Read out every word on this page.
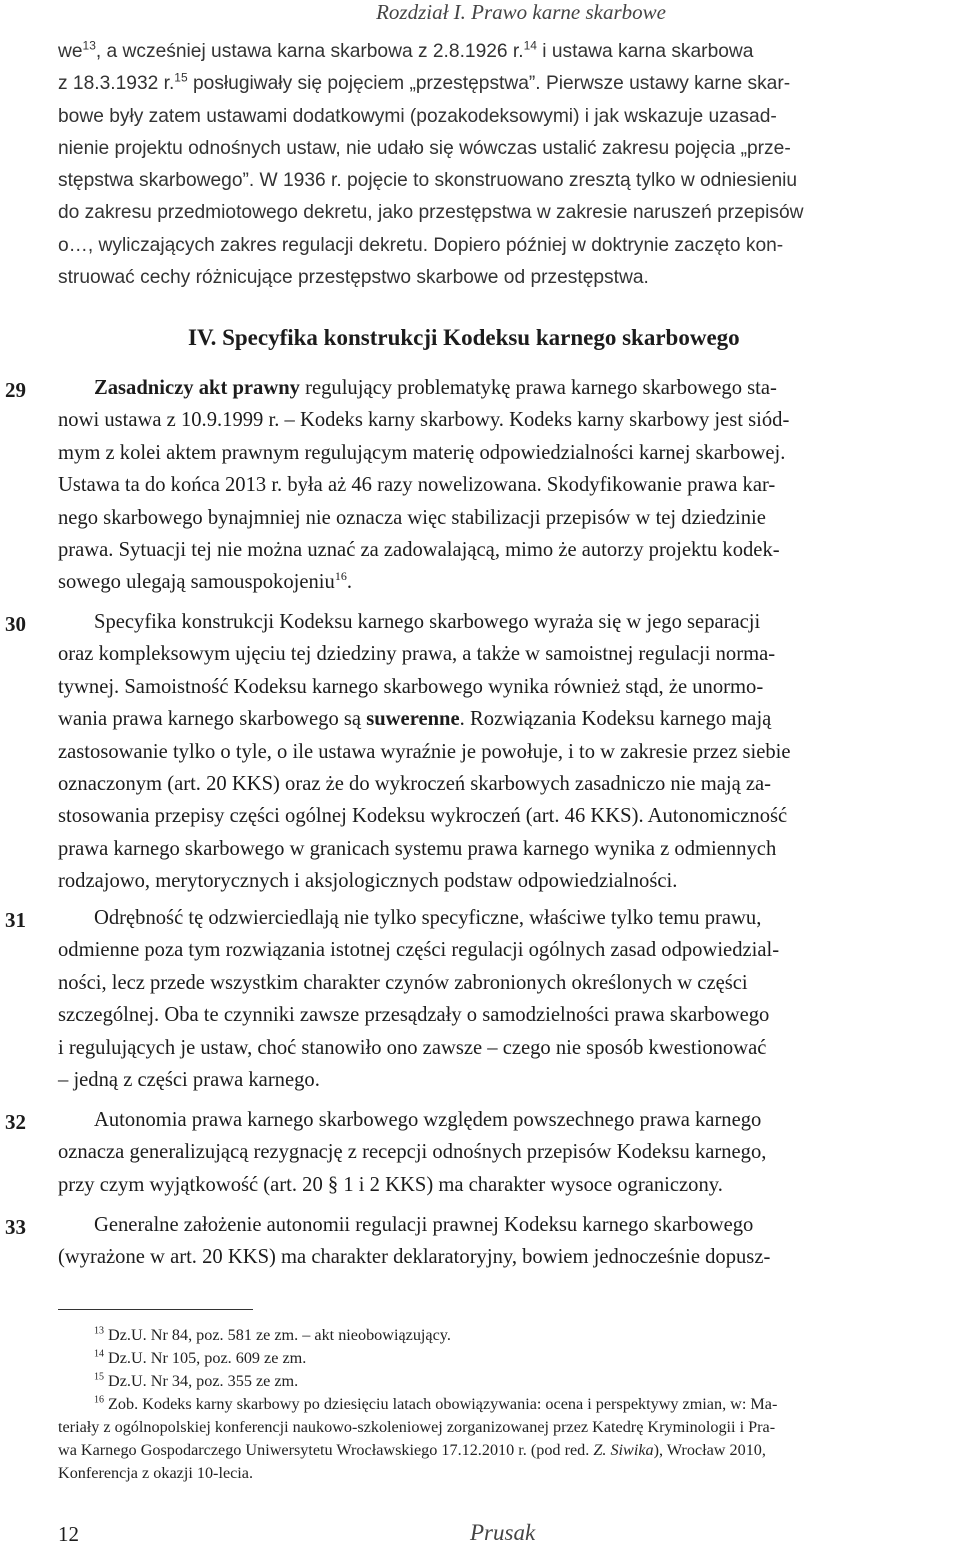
Rozdział I. Prawo karne skarbowe
$we^{13}$, a wcześniej ustawa karna skarbowa z 2.8.1926 r.$^{14}$ i ustawa karna skarbowa
z 18.3.1932 r.$^{15}$ posługiwały się pojęciem „przestępstwa”. Pierwsze ustawy karne skar-
bowe były zatem ustawami dodatkowymi (pozakodeksowymi) i jak wskazuje uzasad-
nienie projektu odnośnych ustaw, nie udało się wówczas ustalić zakresu pojęcia „prze-
stępstwa skarbowego”. W 1936 r. pojęcie to skonstruowano zresztą tylko w odniesieniu
do zakresu przedmiotowego dekretu, jako przestępstwa w zakresie naruszeń przepisów
o…, wyliczających zakres regulacji dekretu. Dopiero później w doktrynie zaczęto kon-
struować cechy różnicujące przestępstwo skarbowe od przestępstwa.
IV. Specyfika konstrukcji Kodeksu karnego skarbowego
29	Zasadniczy akt prawny regulujący problematykę prawa karnego skarbowego sta-
nowi ustawa z 10.9.1999 r. – Kodeks karny skarbowy. Kodeks karny skarbowy jest siód-
mym z kolei aktem prawnym regulującym materię odpowiedzialności karnej skarbowej.
Ustawa ta do końca 2013 r. była aż 46 razy nowelizowana. Skodyfikowanie prawa kar-
nego skarbowego bynajmniej nie oznacza więc stabilizacji przepisów w tej dziedzinie
prawa. Sytuacji tej nie można uznać za zadowalającą, mimo że autorzy projektu kodek-
sowego ulegają samouspokojeniu$^{16}$.
30	Specyfika konstrukcji Kodeksu karnego skarbowego wyraża się w jego separacji
oraz kompleksowym ujęciu tej dziedziny prawa, a także w samoistnej regulacji norma-
tywnej. Samoistność Kodeksu karnego skarbowego wynika również stąd, że unormo-
wania prawa karnego skarbowego są suwerenne. Rozwiązania Kodeksu karnego mają
zastosowanie tylko o tyle, o ile ustawa wyraźnie je powołuje, i to w zakresie przez siebie
oznaczonym (art. 20 KKS) oraz że do wykroczeń skarbowych zasadniczo nie mają za-
stosowania przepisy części ogólnej Kodeksu wykroczeń (art. 46 KKS). Autonomiczność
prawa karnego skarbowego w granicach systemu prawa karnego wynika z odmiennych
rodzajowo, merytorycznych i aksjologicznych podstaw odpowiedzialności.
31	Odrębność tę odzwierciedlają nie tylko specyficzne, właściwe tylko temu prawu,
odmienne poza tym rozwiązania istotnej części regulacji ogólnych zasad odpowiedzial-
ności, lecz przede wszystkim charakter czynów zabronionych określonych w części
szczególnej. Oba te czynniki zawsze przesądzały o samodzielności prawa skarbowego
i regulujących je ustaw, choć stanowiło ono zawsze – czego nie sposób kwestionować
– jedną z części prawa karnego.
32	Autonomia prawa karnego skarbowego względem powszechnego prawa karnego
oznacza generalizującą rezygnację z recepcji odnośnych przepisów Kodeksu karnego,
przy czym wyjątkowość (art. 20 § 1 i 2 KKS) ma charakter wysoce ograniczony.
33	Generalne założenie autonomii regulacji prawnej Kodeksu karnego skarbowego
(wyrażone w art. 20 KKS) ma charakter deklaratoryjny, bowiem jednocześnie dopusz-
$^{13}$ Dz.U. Nr 84, poz. 581 ze zm. – akt nieobowiązujący.
$^{14}$ Dz.U. Nr 105, poz. 609 ze zm.
$^{15}$ Dz.U. Nr 34, poz. 355 ze zm.
$^{16}$ Zob. Kodeks karny skarbowy po dziesięciu latach obowiązywania: ocena i perspektywy zmian, w: Ma-
teriały z ogólnopolskiej konferencji naukowo-szkoleniowej zorganizowanej przez Katedrę Kryminologii i Pra-
wa Karnego Gospodarczego Uniwersytetu Wrocławskiego 17.12.2010 r. (pod red. Z. Siwika), Wrocław 2010,
Konferencja z okazji 10-lecia.
12	Prusak
